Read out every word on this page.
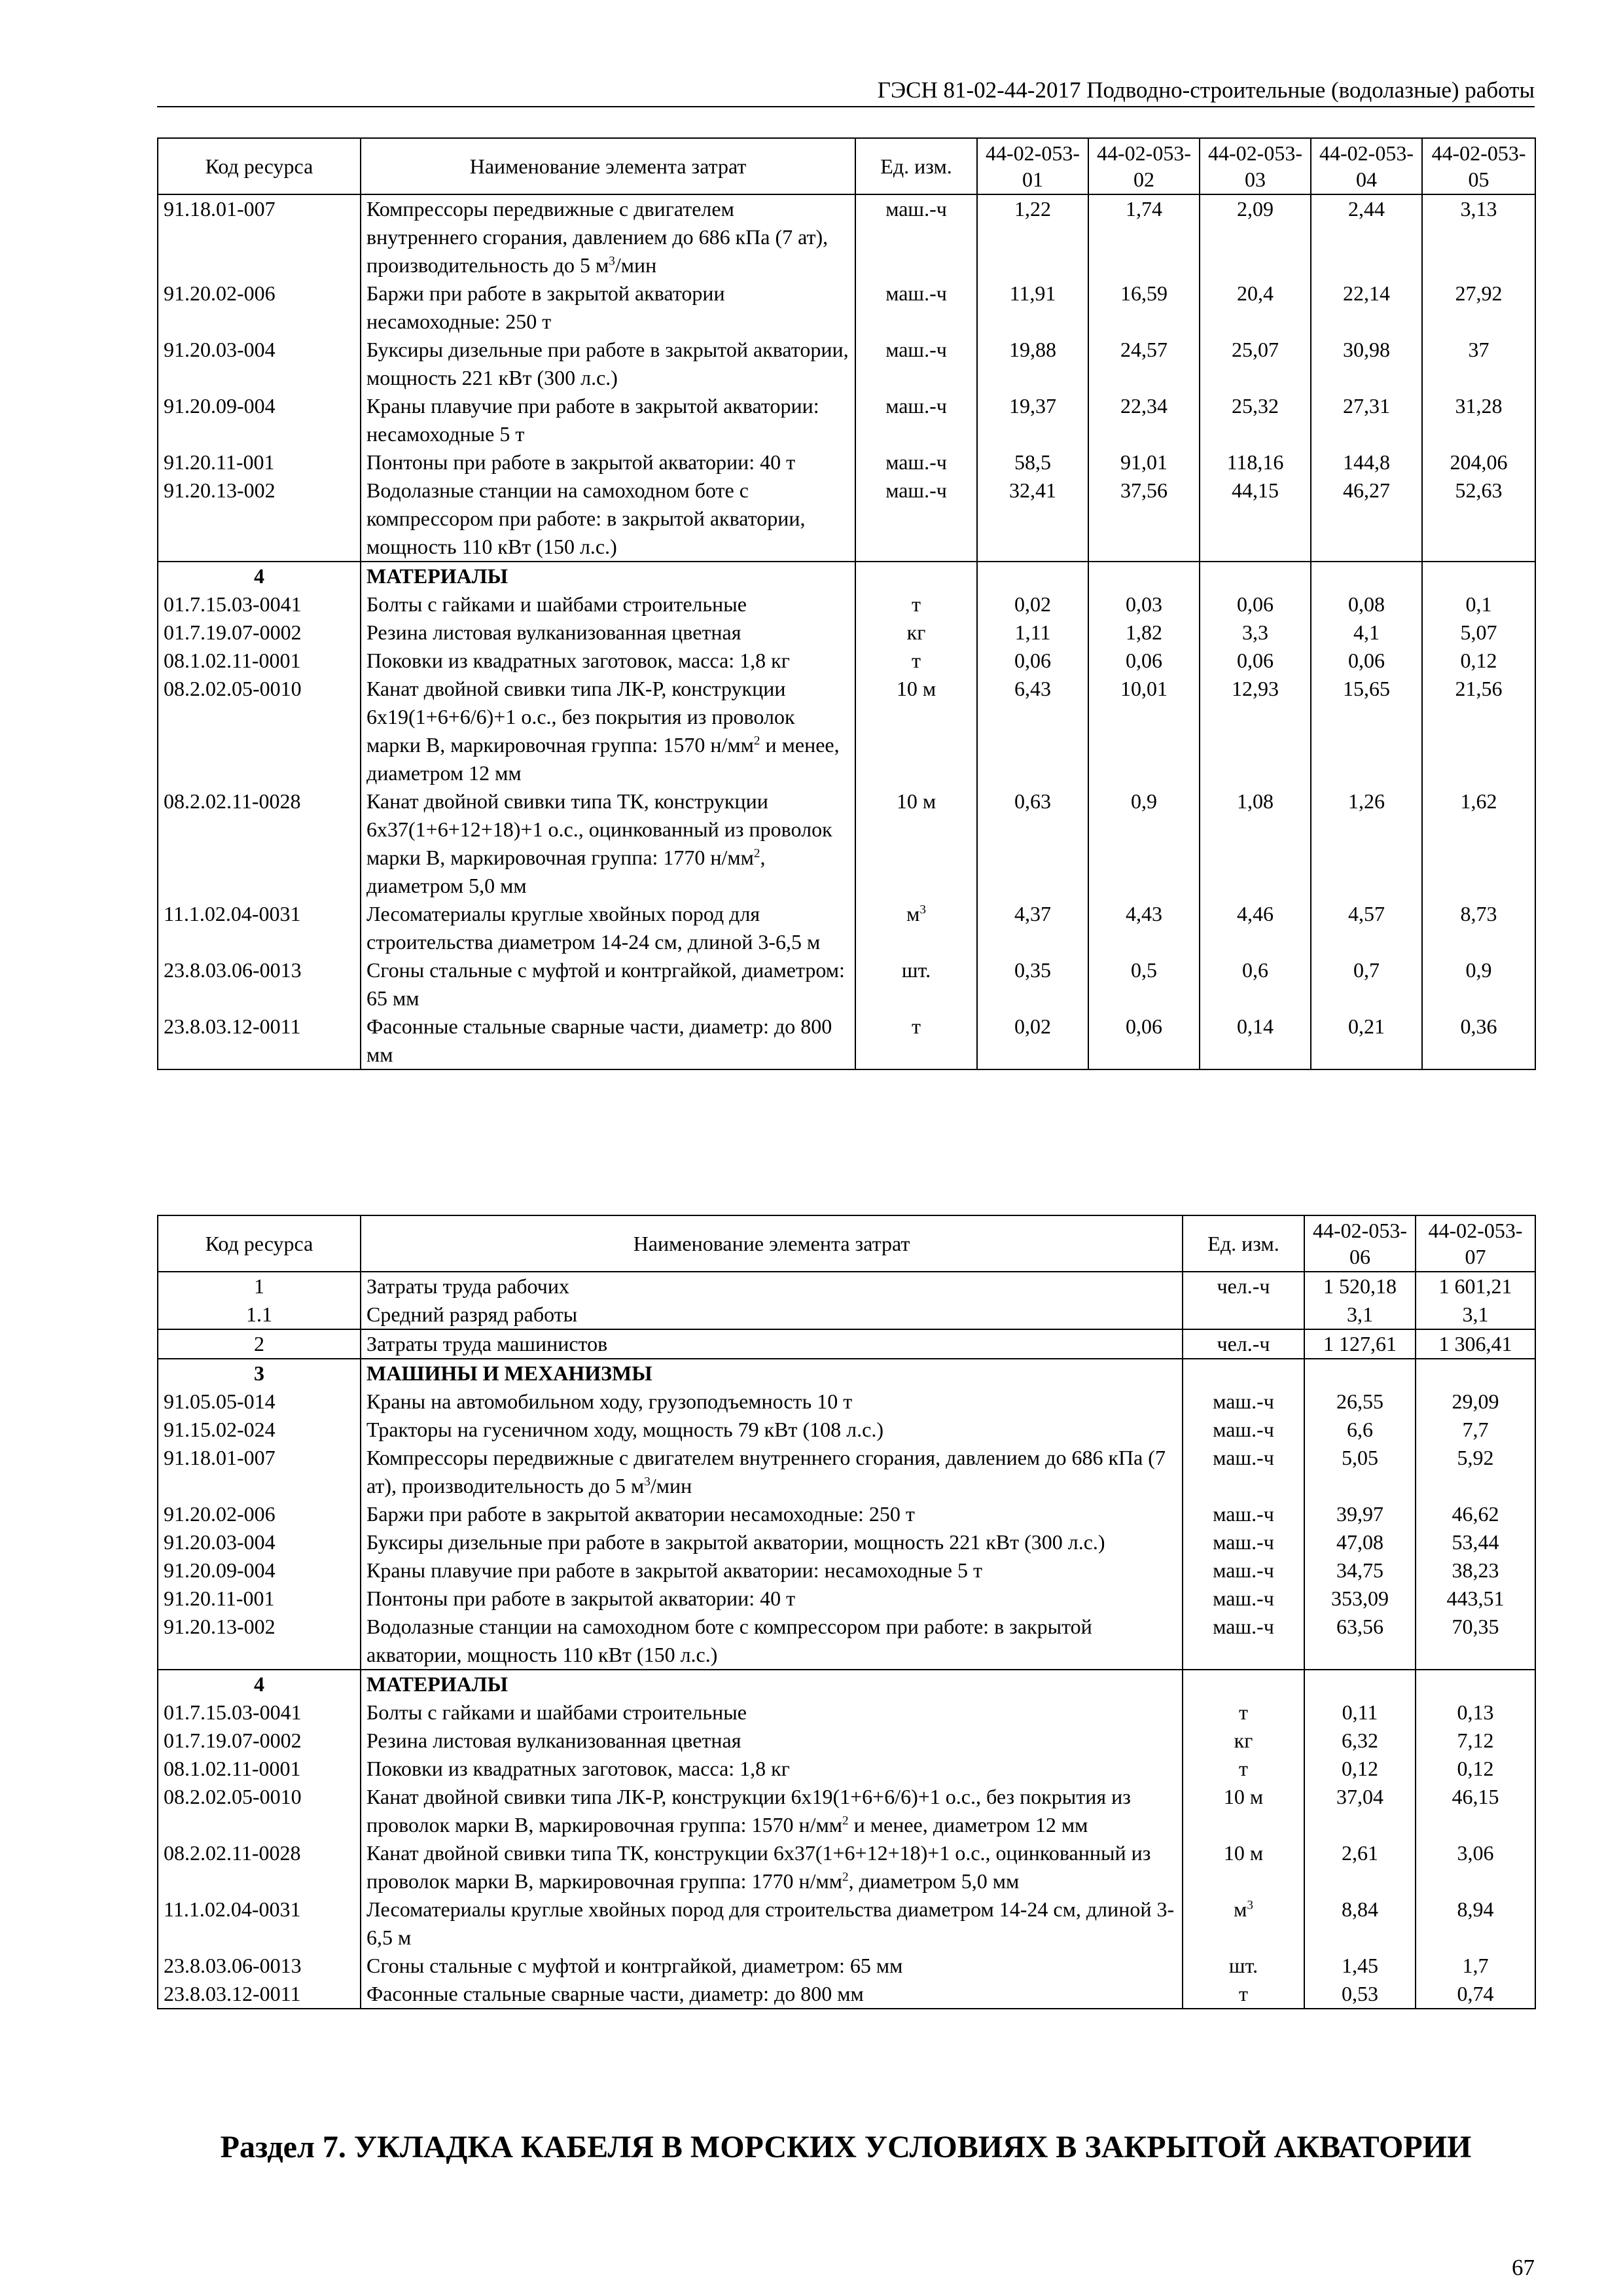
ГЭСН 81-02-44-2017 Подводно-строительные (водолазные) работы
Код ресурса	Наименование элемента затрат	Ед. изм.	44-02-053-01	44-02-053-02	44-02-053-03	44-02-053-04	44-02-053-05
91.18.01-007	Компрессоры передвижные с двигателем внутреннего сгорания, давлением до 686 кПа (7 ат), производительность до 5 $м^3$/мин	маш.-ч	1,22	1,74	2,09	2,44	3,13
91.20.02-006	Баржи при работе в закрытой акватории несамоходные: 250 т	маш.-ч	11,91	16,59	20,4	22,14	27,92
91.20.03-004	Буксиры дизельные при работе в закрытой акватории, мощность 221 кВт (300 л.с.)	маш.-ч	19,88	24,57	25,07	30,98	37
91.20.09-004	Краны плавучие при работе в закрытой акватории: несамоходные 5 т	маш.-ч	19,37	22,34	25,32	27,31	31,28
91.20.11-001	Понтоны при работе в закрытой акватории: 40 т	маш.-ч	58,5	91,01	118,16	144,8	204,06
91.20.13-002	Водолазные станции на самоходном боте с компрессором при работе: в закрытой акватории, мощность 110 кВт (150 л.с.)	маш.-ч	32,41	37,56	44,15	46,27	52,63
4	МАТЕРИАЛЫ						
01.7.15.03-0041	Болты с гайками и шайбами строительные	т	0,02	0,03	0,06	0,08	0,1
01.7.19.07-0002	Резина листовая вулканизованная цветная	кг	1,11	1,82	3,3	4,1	5,07
08.1.02.11-0001	Поковки из квадратных заготовок, масса: 1,8 кг	т	0,06	0,06	0,06	0,06	0,12
08.2.02.05-0010	Канат двойной свивки типа ЛК-Р, конструкции 6х19(1+6+6/6)+1 о.с., без покрытия из проволок марки В, маркировочная группа: 1570 $н/мм^2$ и менее, диаметром 12 мм	10 м	6,43	10,01	12,93	15,65	21,56
08.2.02.11-0028	Канат двойной свивки типа ТК, конструкции 6х37(1+6+12+18)+1 о.с., оцинкованный из проволок марки В, маркировочная группа: 1770 $н/мм^2$, диаметром 5,0 мм	10 м	0,63	0,9	1,08	1,26	1,62
11.1.02.04-0031	Лесоматериалы круглые хвойных пород для строительства диаметром 14-24 см, длиной 3-6,5 м	$м^3$	4,37	4,43	4,46	4,57	8,73
23.8.03.06-0013	Сгоны стальные с муфтой и контргайкой, диаметром: 65 мм	шт.	0,35	0,5	0,6	0,7	0,9
23.8.03.12-0011	Фасонные стальные сварные части, диаметр: до 800 мм	т	0,02	0,06	0,14	0,21	0,36
Код ресурса	Наименование элемента затрат	Ед. изм.	44-02-053-06	44-02-053-07
1	Затраты труда рабочих	чел.-ч	1 520,18	1 601,21
1.1	Средний разряд работы		3,1	3,1
2	Затраты труда машинистов	чел.-ч	1 127,61	1 306,41
3	МАШИНЫ И МЕХАНИЗМЫ			
91.05.05-014	Краны на автомобильном ходу, грузоподъемность 10 т	маш.-ч	26,55	29,09
91.15.02-024	Тракторы на гусеничном ходу, мощность 79 кВт (108 л.с.)	маш.-ч	6,6	7,7
91.18.01-007	Компрессоры передвижные с двигателем внутреннего сгорания, давлением до 686 кПа (7 ат), производительность до 5 $м^3$/мин	маш.-ч	5,05	5,92
91.20.02-006	Баржи при работе в закрытой акватории несамоходные: 250 т	маш.-ч	39,97	46,62
91.20.03-004	Буксиры дизельные при работе в закрытой акватории, мощность 221 кВт (300 л.с.)	маш.-ч	47,08	53,44
91.20.09-004	Краны плавучие при работе в закрытой акватории: несамоходные 5 т	маш.-ч	34,75	38,23
91.20.11-001	Понтоны при работе в закрытой акватории: 40 т	маш.-ч	353,09	443,51
91.20.13-002	Водолазные станции на самоходном боте с компрессором при работе: в закрытой акватории, мощность 110 кВт (150 л.с.)	маш.-ч	63,56	70,35
4	МАТЕРИАЛЫ			
01.7.15.03-0041	Болты с гайками и шайбами строительные	т	0,11	0,13
01.7.19.07-0002	Резина листовая вулканизованная цветная	кг	6,32	7,12
08.1.02.11-0001	Поковки из квадратных заготовок, масса: 1,8 кг	т	0,12	0,12
08.2.02.05-0010	Канат двойной свивки типа ЛК-Р, конструкции 6х19(1+6+6/6)+1 о.с., без покрытия из проволок марки В, маркировочная группа: 1570 $н/мм^2$ и менее, диаметром 12 мм	10 м	37,04	46,15
08.2.02.11-0028	Канат двойной свивки типа ТК, конструкции 6х37(1+6+12+18)+1 о.с., оцинкованный из проволок марки В, маркировочная группа: 1770 $н/мм^2$, диаметром 5,0 мм	10 м	2,61	3,06
11.1.02.04-0031	Лесоматериалы круглые хвойных пород для строительства диаметром 14-24 см, длиной 3-6,5 м	$м^3$	8,84	8,94
23.8.03.06-0013	Сгоны стальные с муфтой и контргайкой, диаметром: 65 мм	шт.	1,45	1,7
23.8.03.12-0011	Фасонные стальные сварные части, диаметр: до 800 мм	т	0,53	0,74
Раздел 7. УКЛАДКА КАБЕЛЯ В МОРСКИХ УСЛОВИЯХ В ЗАКРЫТОЙ АКВАТОРИИ
67
